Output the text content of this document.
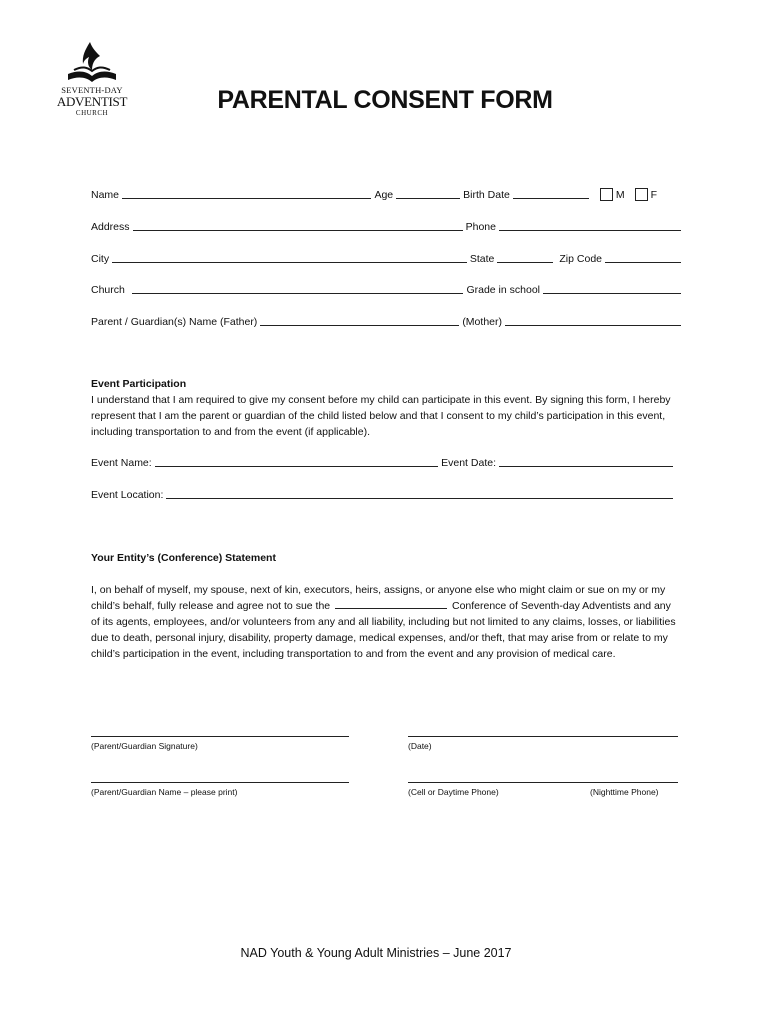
SEVENTH-DAY
ADVENTIST
CHURCH	PARENTAL CONSENT FORM
Name	Age	Birth Date	M F
Address	Phone
City	State	Zip Code
Church	Grade in school
Parent / Guardian(s) Name (Father)	(Mother)
Event Participation
I understand that I am required to give my consent before my child can participate in this event. By signing this form, I hereby represent that I am the parent or guardian of the child listed below and that I consent to my child’s participation in this event, including transportation to and from the event (if applicable).
Event Name:	Event Date:
Event Location:
Your Entity’s (Conference) Statement
I, on behalf of myself, my spouse, next of kin, executors, heirs, assigns, or anyone else who might claim or sue on my or my child’s behalf, fully release and agree not to sue the	Conference of Seventh-day Adventists and any of its agents, employees, and/or volunteers from any and all liability, including but not limited to any claims, losses, or liabilities due to death, personal injury, disability, property damage, medical expenses, and/or theft, that may arise from or relate to my child’s participation in the event, including transportation to and from the event and any provision of medical care.
(Parent/Guardian Signature)	(Date)
(Parent/Guardian Name – please print)	(Cell or Daytime Phone)	(Nighttime Phone)
NAD Youth & Young Adult Ministries – June 2017
